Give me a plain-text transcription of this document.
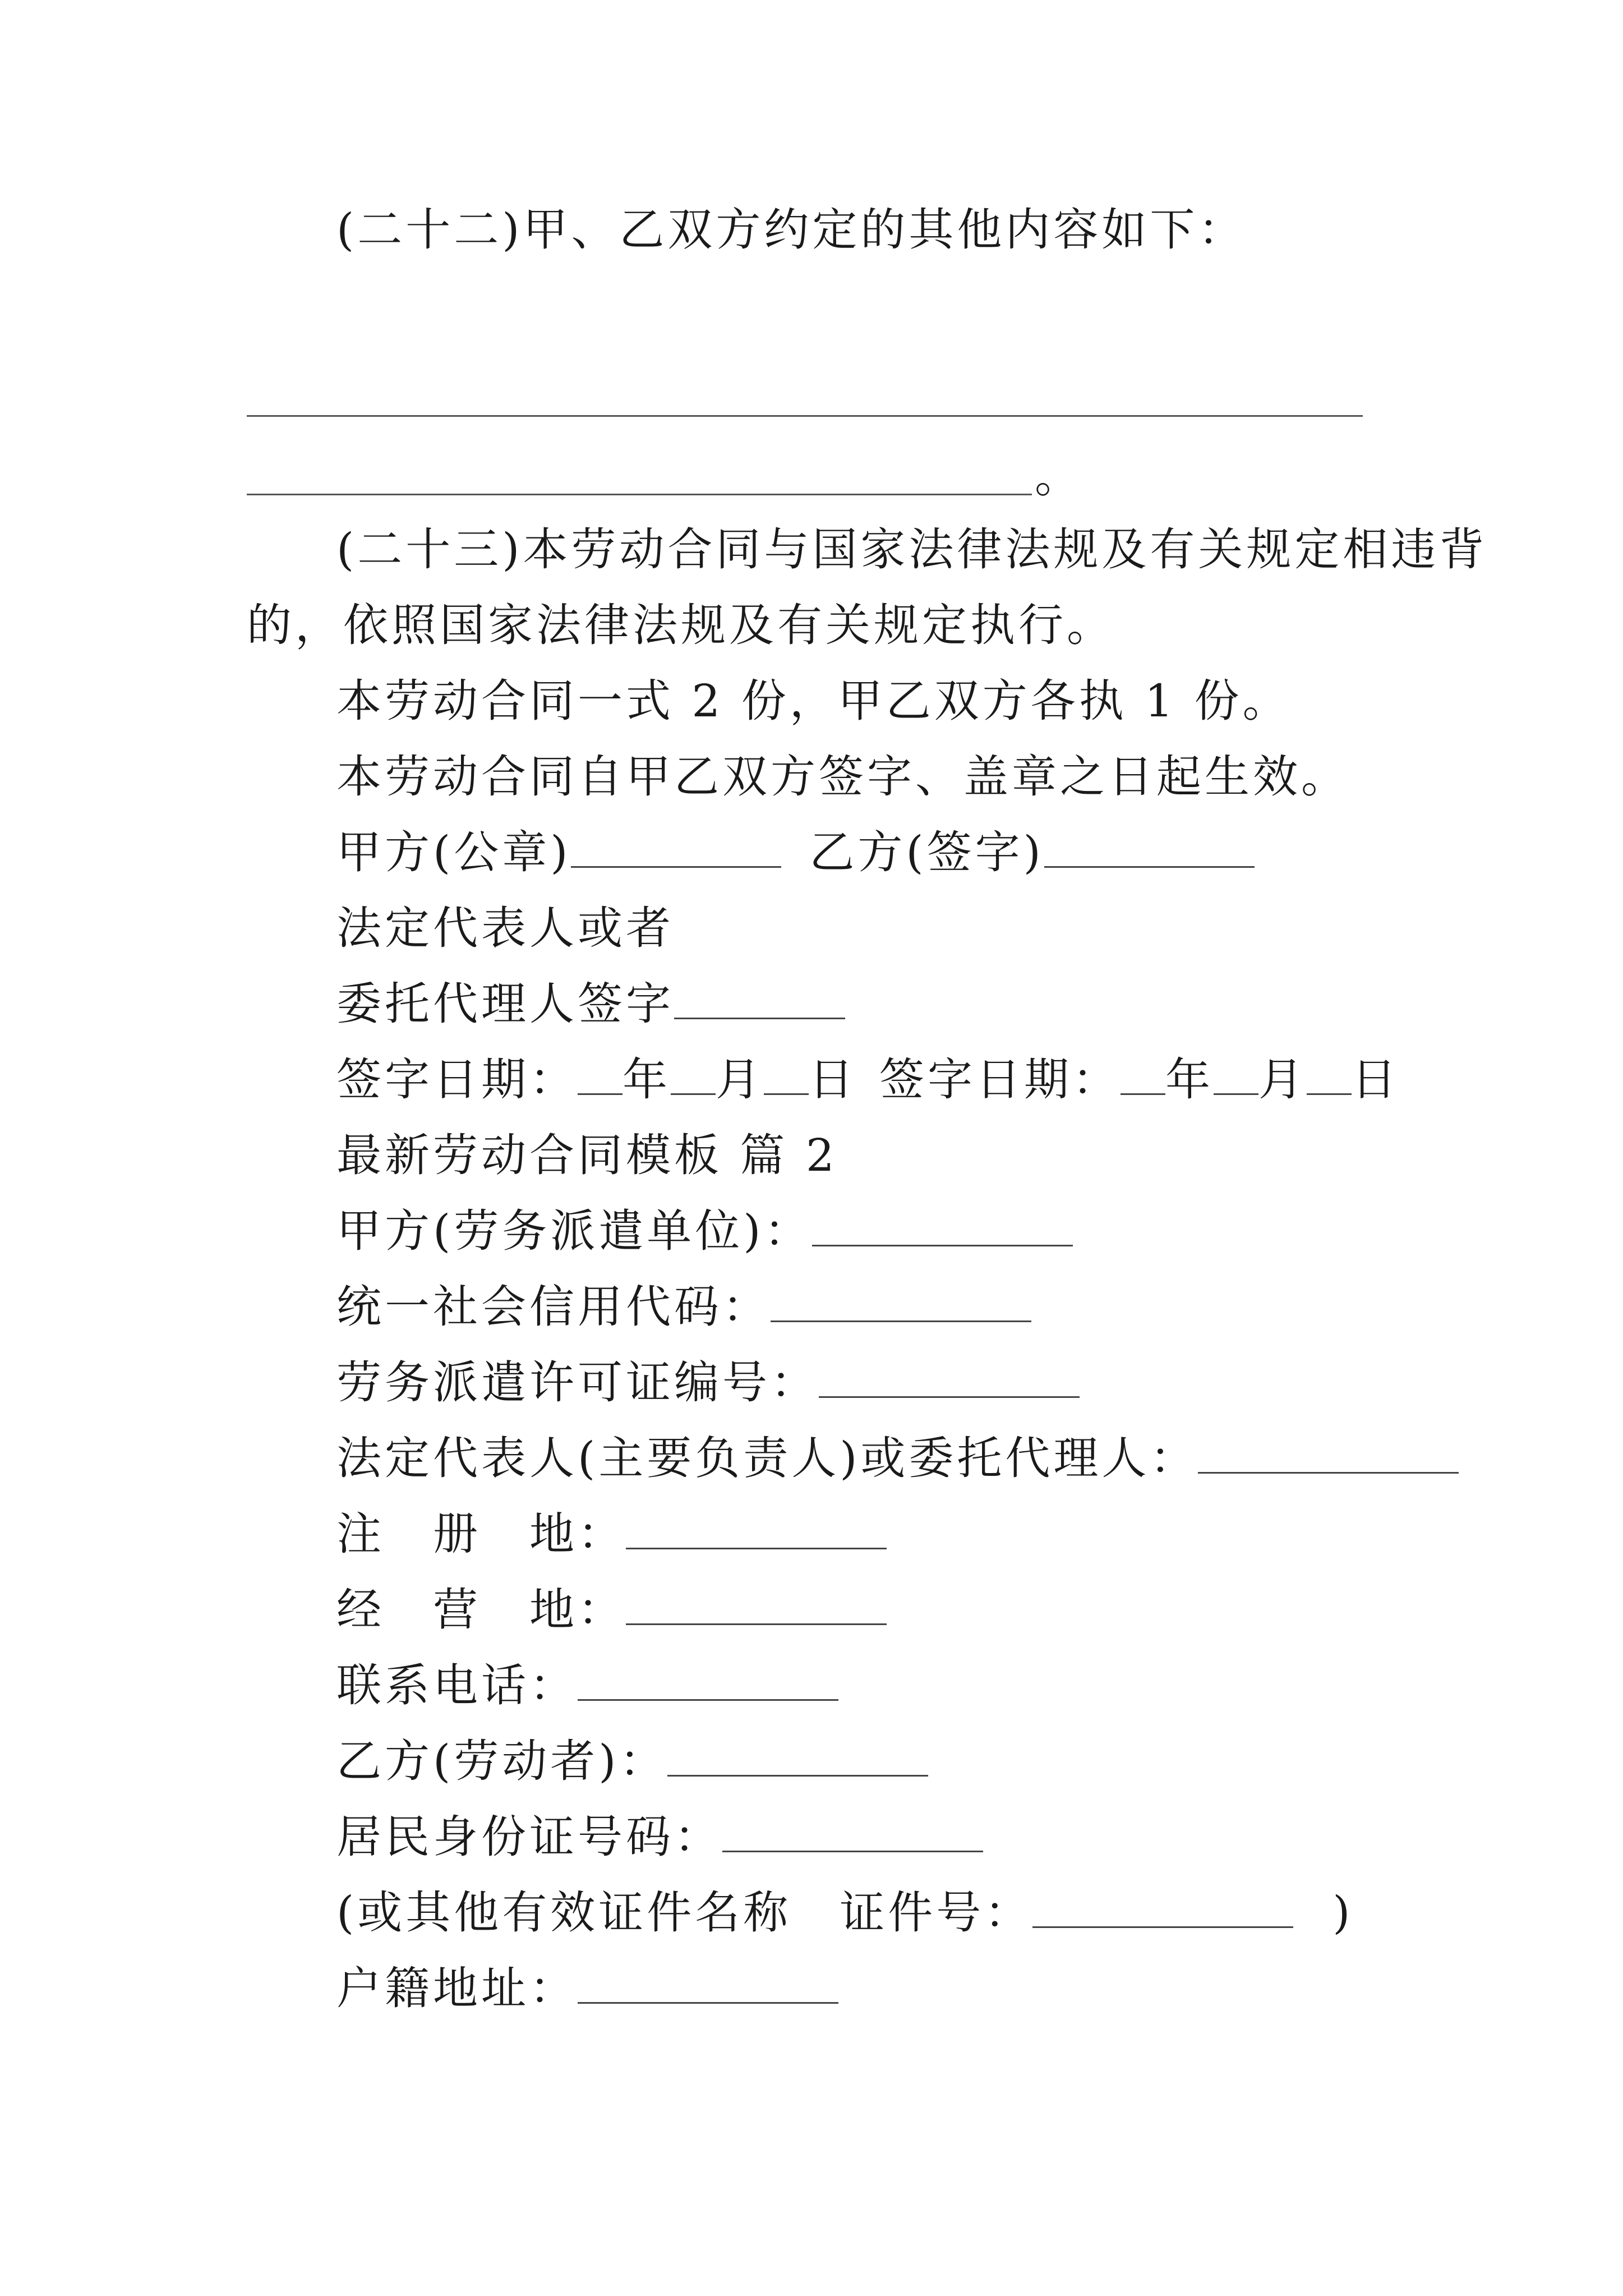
(二十二)甲、乙双方约定的其他内容如下：
。
(二十三)本劳动合同与国家法律法规及有关规定相违背
的，依照国家法律法规及有关规定执行。
本劳动合同一式 2 份，甲乙双方各执 1 份。
本劳动合同自甲乙双方签字、盖章之日起生效。
甲方(公章)	乙方(签字)
法定代表人或者
委托代理人签字
签字日期： 年 月 日 签字日期： 年 月 日
最新劳动合同模板 篇 2
甲方(劳务派遣单位)：
统一社会信用代码：
劳务派遣许可证编号：
法定代表人(主要负责人)或委托代理人：
注　册　地：
经　营　地：
联系电话：
乙方(劳动者)：
居民身份证号码：
(或其他有效证件名称　证件号：	)
户籍地址：
